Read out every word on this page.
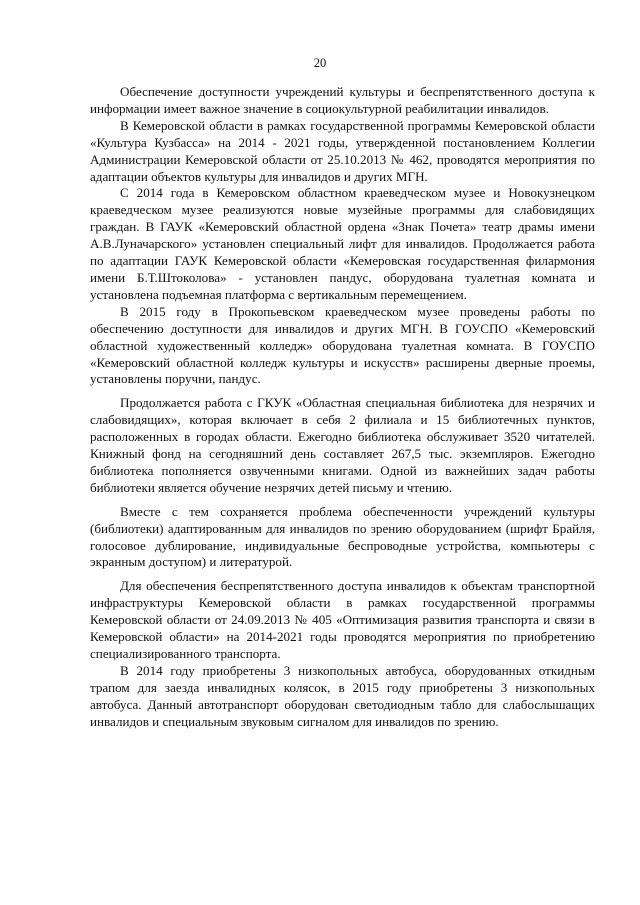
20

Обеспечение доступности учреждений культуры и беспрепятственного доступа к информации имеет важное значение в социокультурной реабилитации инвалидов.

В Кемеровской области в рамках государственной программы Кемеровской области «Культура Кузбасса» на 2014 - 2021 годы, утвержденной постановлением Коллегии Администрации Кемеровской области от 25.10.2013 № 462, проводятся мероприятия по адаптации объектов культуры для инвалидов и других МГН.

С 2014 года в Кемеровском областном краеведческом музее и Новокузнецком краеведческом музее реализуются новые музейные программы для слабовидящих граждан. В ГАУК «Кемеровский областной ордена «Знак Почета» театр драмы имени А.В.Луначарского» установлен специальный лифт для инвалидов. Продолжается работа по адаптации ГАУК Кемеровской области «Кемеровская государственная филармония имени Б.Т.Штоколова» - установлен пандус, оборудована туалетная комната и установлена подъемная платформа с вертикальным перемещением.

В 2015 году в Прокопьевском краеведческом музее проведены работы по обеспечению доступности для инвалидов и других МГН. В ГОУСПО «Кемеровский областной художественный колледж» оборудована туалетная комната. В ГОУСПО «Кемеровский областной колледж культуры и искусств» расширены дверные проемы, установлены поручни, пандус.

Продолжается работа с ГКУК «Областная специальная библиотека для незрячих и слабовидящих», которая включает в себя 2 филиала и 15 библиотечных пунктов, расположенных в городах области. Ежегодно библиотека обслуживает 3520 читателей. Книжный фонд на сегодняшний день составляет 267,5 тыс. экземпляров. Ежегодно библиотека пополняется озвученными книгами. Одной из важнейших задач работы библиотеки является обучение незрячих детей письму и чтению.

Вместе с тем сохраняется проблема обеспеченности учреждений культуры (библиотеки) адаптированным для инвалидов по зрению оборудованием (шрифт Брайля, голосовое дублирование, индивидуальные беспроводные устройства, компьютеры с экранным доступом) и литературой.

Для обеспечения беспрепятственного доступа инвалидов к объектам транспортной инфраструктуры Кемеровской области в рамках государственной программы Кемеровской области от 24.09.2013 № 405 «Оптимизация развития транспорта и связи в Кемеровской области» на 2014-2021 годы проводятся мероприятия по приобретению специализированного транспорта.

В 2014 году приобретены 3 низкопольных автобуса, оборудованных откидным трапом для заезда инвалидных колясок, в 2015 году приобретены 3 низкопольных автобуса. Данный автотранспорт оборудован светодиодным табло для слабослышащих инвалидов и специальным звуковым сигналом для инвалидов по зрению.
